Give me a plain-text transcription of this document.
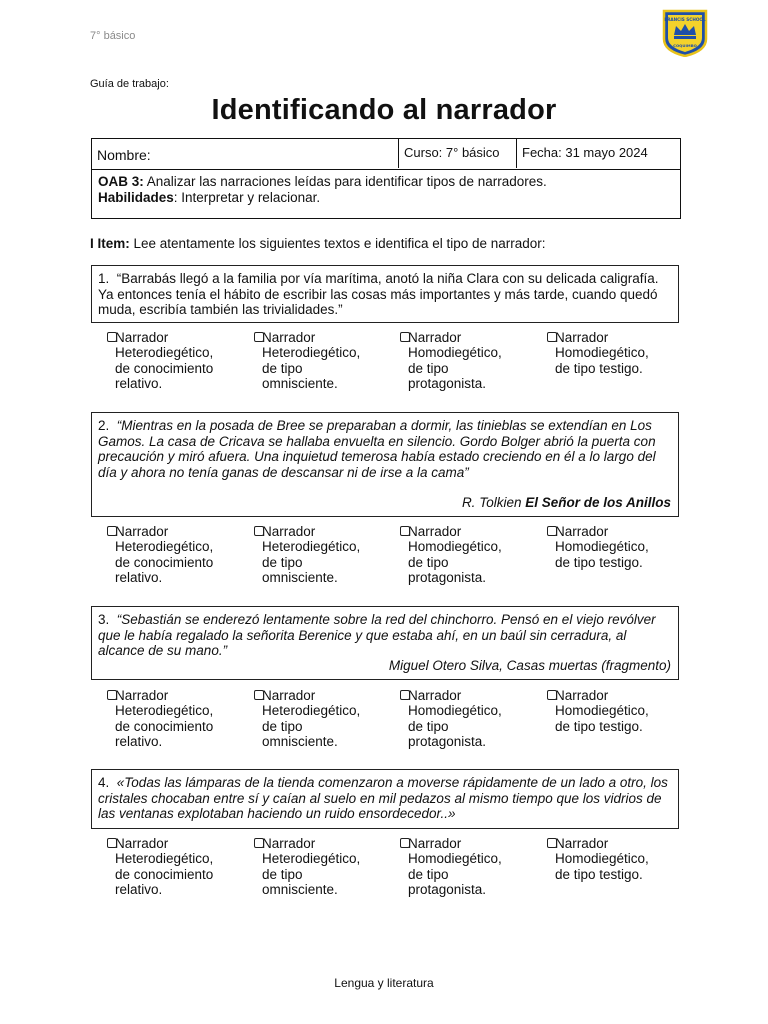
7° básico
FRANCIS SCHOOL
COQUIMBO
Guía de trabajo:
Identificando al narrador
Nombre:	Curso: 7° básico	Fecha: 31 mayo 2024
OAB 3: Analizar las narraciones leídas para identificar tipos de narradores.
Habilidades: Interpretar y relacionar.
I Item: Lee atentamente los siguientes textos e identifica el tipo de narrador:
1. “Barrabás llegó a la familia por vía marítima, anotó la niña Clara con su delicada caligrafía. Ya entonces tenía el hábito de escribir las cosas más importantes y más tarde, cuando quedó muda, escribía también las trivialidades.”
Narrador
Heterodiegético,
de conocimiento
relativo.
Narrador
Heterodiegético,
de tipo
omnisciente.
Narrador
Homodiegético,
de tipo
protagonista.
Narrador
Homodiegético,
de tipo testigo.
2. “Mientras en la posada de Bree se preparaban a dormir, las tinieblas se extendían en Los Gamos. La casa de Cricava se hallaba envuelta en silencio. Gordo Bolger abrió la puerta con precaución y miró afuera. Una inquietud temerosa había estado creciendo en él a lo largo del día y ahora no tenía ganas de descansar ni de irse a la cama”
R. Tolkien El Señor de los Anillos
Narrador
Heterodiegético,
de conocimiento
relativo.
Narrador
Heterodiegético,
de tipo
omnisciente.
Narrador
Homodiegético,
de tipo
protagonista.
Narrador
Homodiegético,
de tipo testigo.
3. “Sebastián se enderezó lentamente sobre la red del chinchorro. Pensó en el viejo revólver que le había regalado la señorita Berenice y que estaba ahí, en un baúl sin cerradura, al alcance de su mano.”
Miguel Otero Silva, Casas muertas (fragmento)
Narrador
Heterodiegético,
de conocimiento
relativo.
Narrador
Heterodiegético,
de tipo
omnisciente.
Narrador
Homodiegético,
de tipo
protagonista.
Narrador
Homodiegético,
de tipo testigo.
4. «Todas las lámparas de la tienda comenzaron a moverse rápidamente de un lado a otro, los cristales chocaban entre sí y caían al suelo en mil pedazos al mismo tiempo que los vidrios de las ventanas explotaban haciendo un ruido ensordecedor..»
Narrador
Heterodiegético,
de conocimiento
relativo.
Narrador
Heterodiegético,
de tipo
omnisciente.
Narrador
Homodiegético,
de tipo
protagonista.
Narrador
Homodiegético,
de tipo testigo.
Lengua y literatura
